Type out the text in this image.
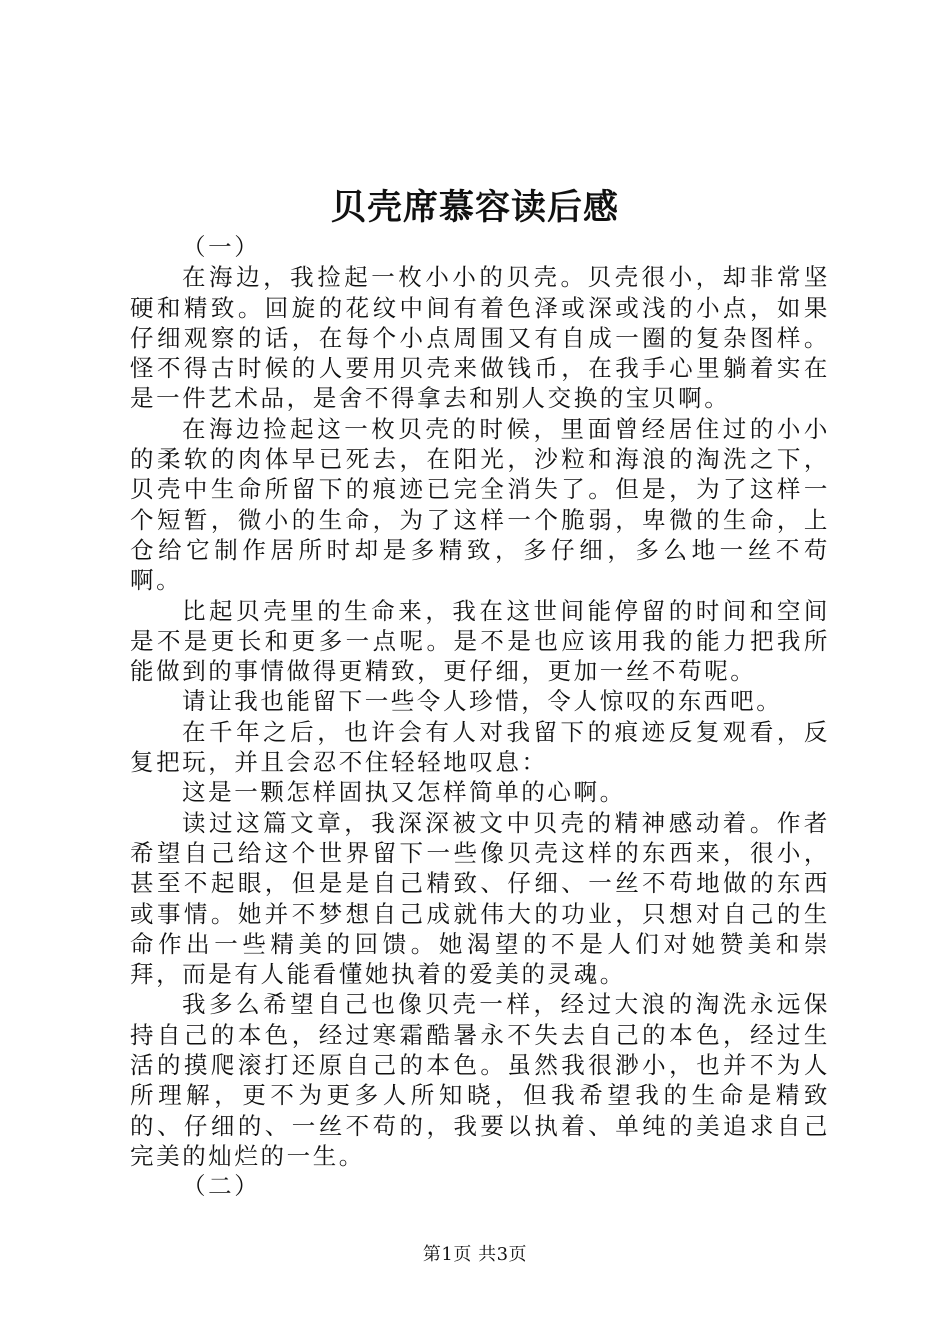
贝壳席慕容读后感

（一）

在海边，我捡起一枚小小的贝壳。贝壳很小，却非常坚硬和精致。回旋的花纹中间有着色泽或深或浅的小点，如果仔细观察的话，在每个小点周围又有自成一圈的复杂图样。怪不得古时候的人要用贝壳来做钱币，在我手心里躺着实在是一件艺术品，是舍不得拿去和别人交换的宝贝啊。

在海边捡起这一枚贝壳的时候，里面曾经居住过的小小的柔软的肉体早已死去，在阳光，沙粒和海浪的淘洗之下，贝壳中生命所留下的痕迹已完全消失了。但是，为了这样一个短暂，微小的生命，为了这样一个脆弱，卑微的生命，上仓给它制作居所时却是多精致，多仔细，多么地一丝不苟啊。

比起贝壳里的生命来，我在这世间能停留的时间和空间是不是更长和更多一点呢。是不是也应该用我的能力把我所能做到的事情做得更精致，更仔细，更加一丝不苟呢。

请让我也能留下一些令人珍惜，令人惊叹的东西吧。

在千年之后，也许会有人对我留下的痕迹反复观看，反复把玩，并且会忍不住轻轻地叹息：

这是一颗怎样固执又怎样简单的心啊。

读过这篇文章，我深深被文中贝壳的精神感动着。作者希望自己给这个世界留下一些像贝壳这样的东西来，很小，甚至不起眼，但是是自己精致、仔细、一丝不苟地做的东西或事情。她并不梦想自己成就伟大的功业，只想对自己的生命作出一些精美的回馈。她渴望的不是人们对她赞美和崇拜，而是有人能看懂她执着的爱美的灵魂。

我多么希望自己也像贝壳一样，经过大浪的淘洗永远保持自己的本色，经过寒霜酷暑永不失去自己的本色，经过生活的摸爬滚打还原自己的本色。虽然我很渺小，也并不为人所理解，更不为更多人所知晓，但我希望我的生命是精致的、仔细的、一丝不苟的，我要以执着、单纯的美追求自己完美的灿烂的一生。

（二）

第1页 共3页
